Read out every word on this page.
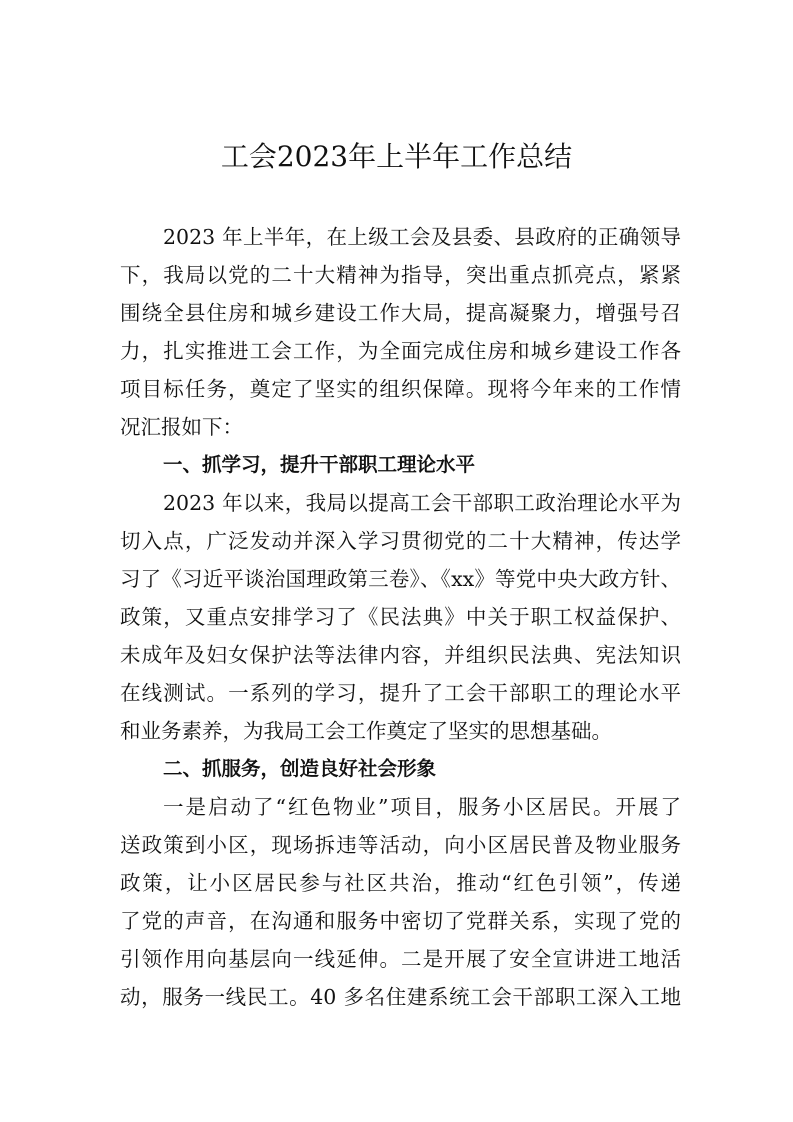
工会2023年上半年工作总结
2023 年上半年，在上级工会及县委、县政府的正确领导
下，我局以党的二十大精神为指导，突出重点抓亮点，紧紧
围绕全县住房和城乡建设工作大局，提高凝聚力，增强号召
力，扎实推进工会工作，为全面完成住房和城乡建设工作各
项目标任务，奠定了坚实的组织保障。现将今年来的工作情
况汇报如下：
一、抓学习，提升干部职工理论水平
2023 年以来，我局以提高工会干部职工政治理论水平为
切入点，广泛发动并深入学习贯彻党的二十大精神，传达学
习了《习近平谈治国理政第三卷》、《xx》等党中央大政方针、
政策，又重点安排学习了《民法典》中关于职工权益保护、
未成年及妇女保护法等法律内容，并组织民法典、宪法知识
在线测试。一系列的学习，提升了工会干部职工的理论水平
和业务素养，为我局工会工作奠定了坚实的思想基础。
二、抓服务，创造良好社会形象
一是启动了“红色物业”项目，服务小区居民。开展了
送政策到小区，现场拆违等活动，向小区居民普及物业服务
政策，让小区居民参与社区共治，推动“红色引领”，传递
了党的声音，在沟通和服务中密切了党群关系，实现了党的
引领作用向基层向一线延伸。二是开展了安全宣讲进工地活
动，服务一线民工。40 多名住建系统工会干部职工深入工地
